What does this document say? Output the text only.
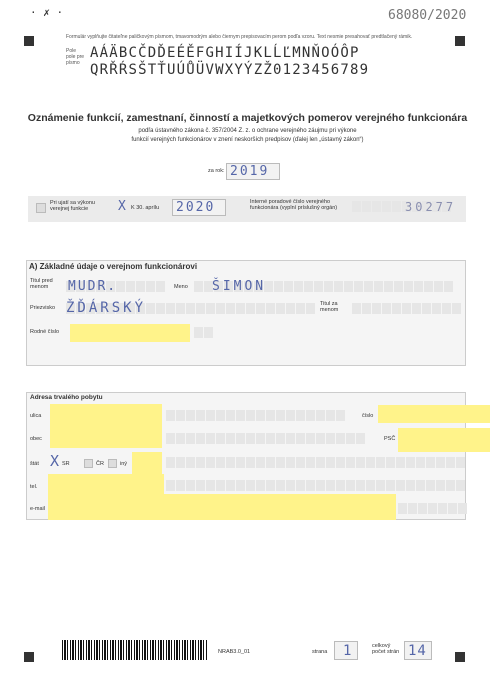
· ✗ ·	68080/2020
Formulár vyplňujte čitateľne paličkovým písmom, tmavomodrým alebo čiernym prepisovacím perom podľa vzoru. Text nesmie presahovať predtlačený rámik.
Pole pole pre písmo
AÁÄBCČDĎEÉĚFGHIÍJKLĹĽMNŇOÓÔP
QRŘŔSŠTŤUÚŮÜVWXYÝZŽ0123456789
Oznámenie funkcií, zamestnaní, činností a majetkových pomerov verejného funkcionára
podľa ústavného zákona č. 357/2004 Z. z. o ochrane verejného záujmu pri výkone
funkcií verejných funkcionárov v znení neskorších predpisov (ďalej len „ústavný zákon“)
za rok: 2019
Pri ujatí sa výkonu verejnej funkcie	X K 30. aprílu 2020	Interné poradové číslo verejného funkcionára (vyplní príslušný orgán)	30277
A) Základné údaje o verejnom funkcionárovi
Titul pred menom	MUDR.	Meno ŠIMON
Priezvisko ŽĎÁRSKÝ	Titul za menom
Rodné číslo
Adresa trvalého pobytu
ulica	číslo
obec	PSČ
štát X SR	ČR	iný
tel.
e-mail
NRAB3.0_01	strana 1	celkový počet strán 14
